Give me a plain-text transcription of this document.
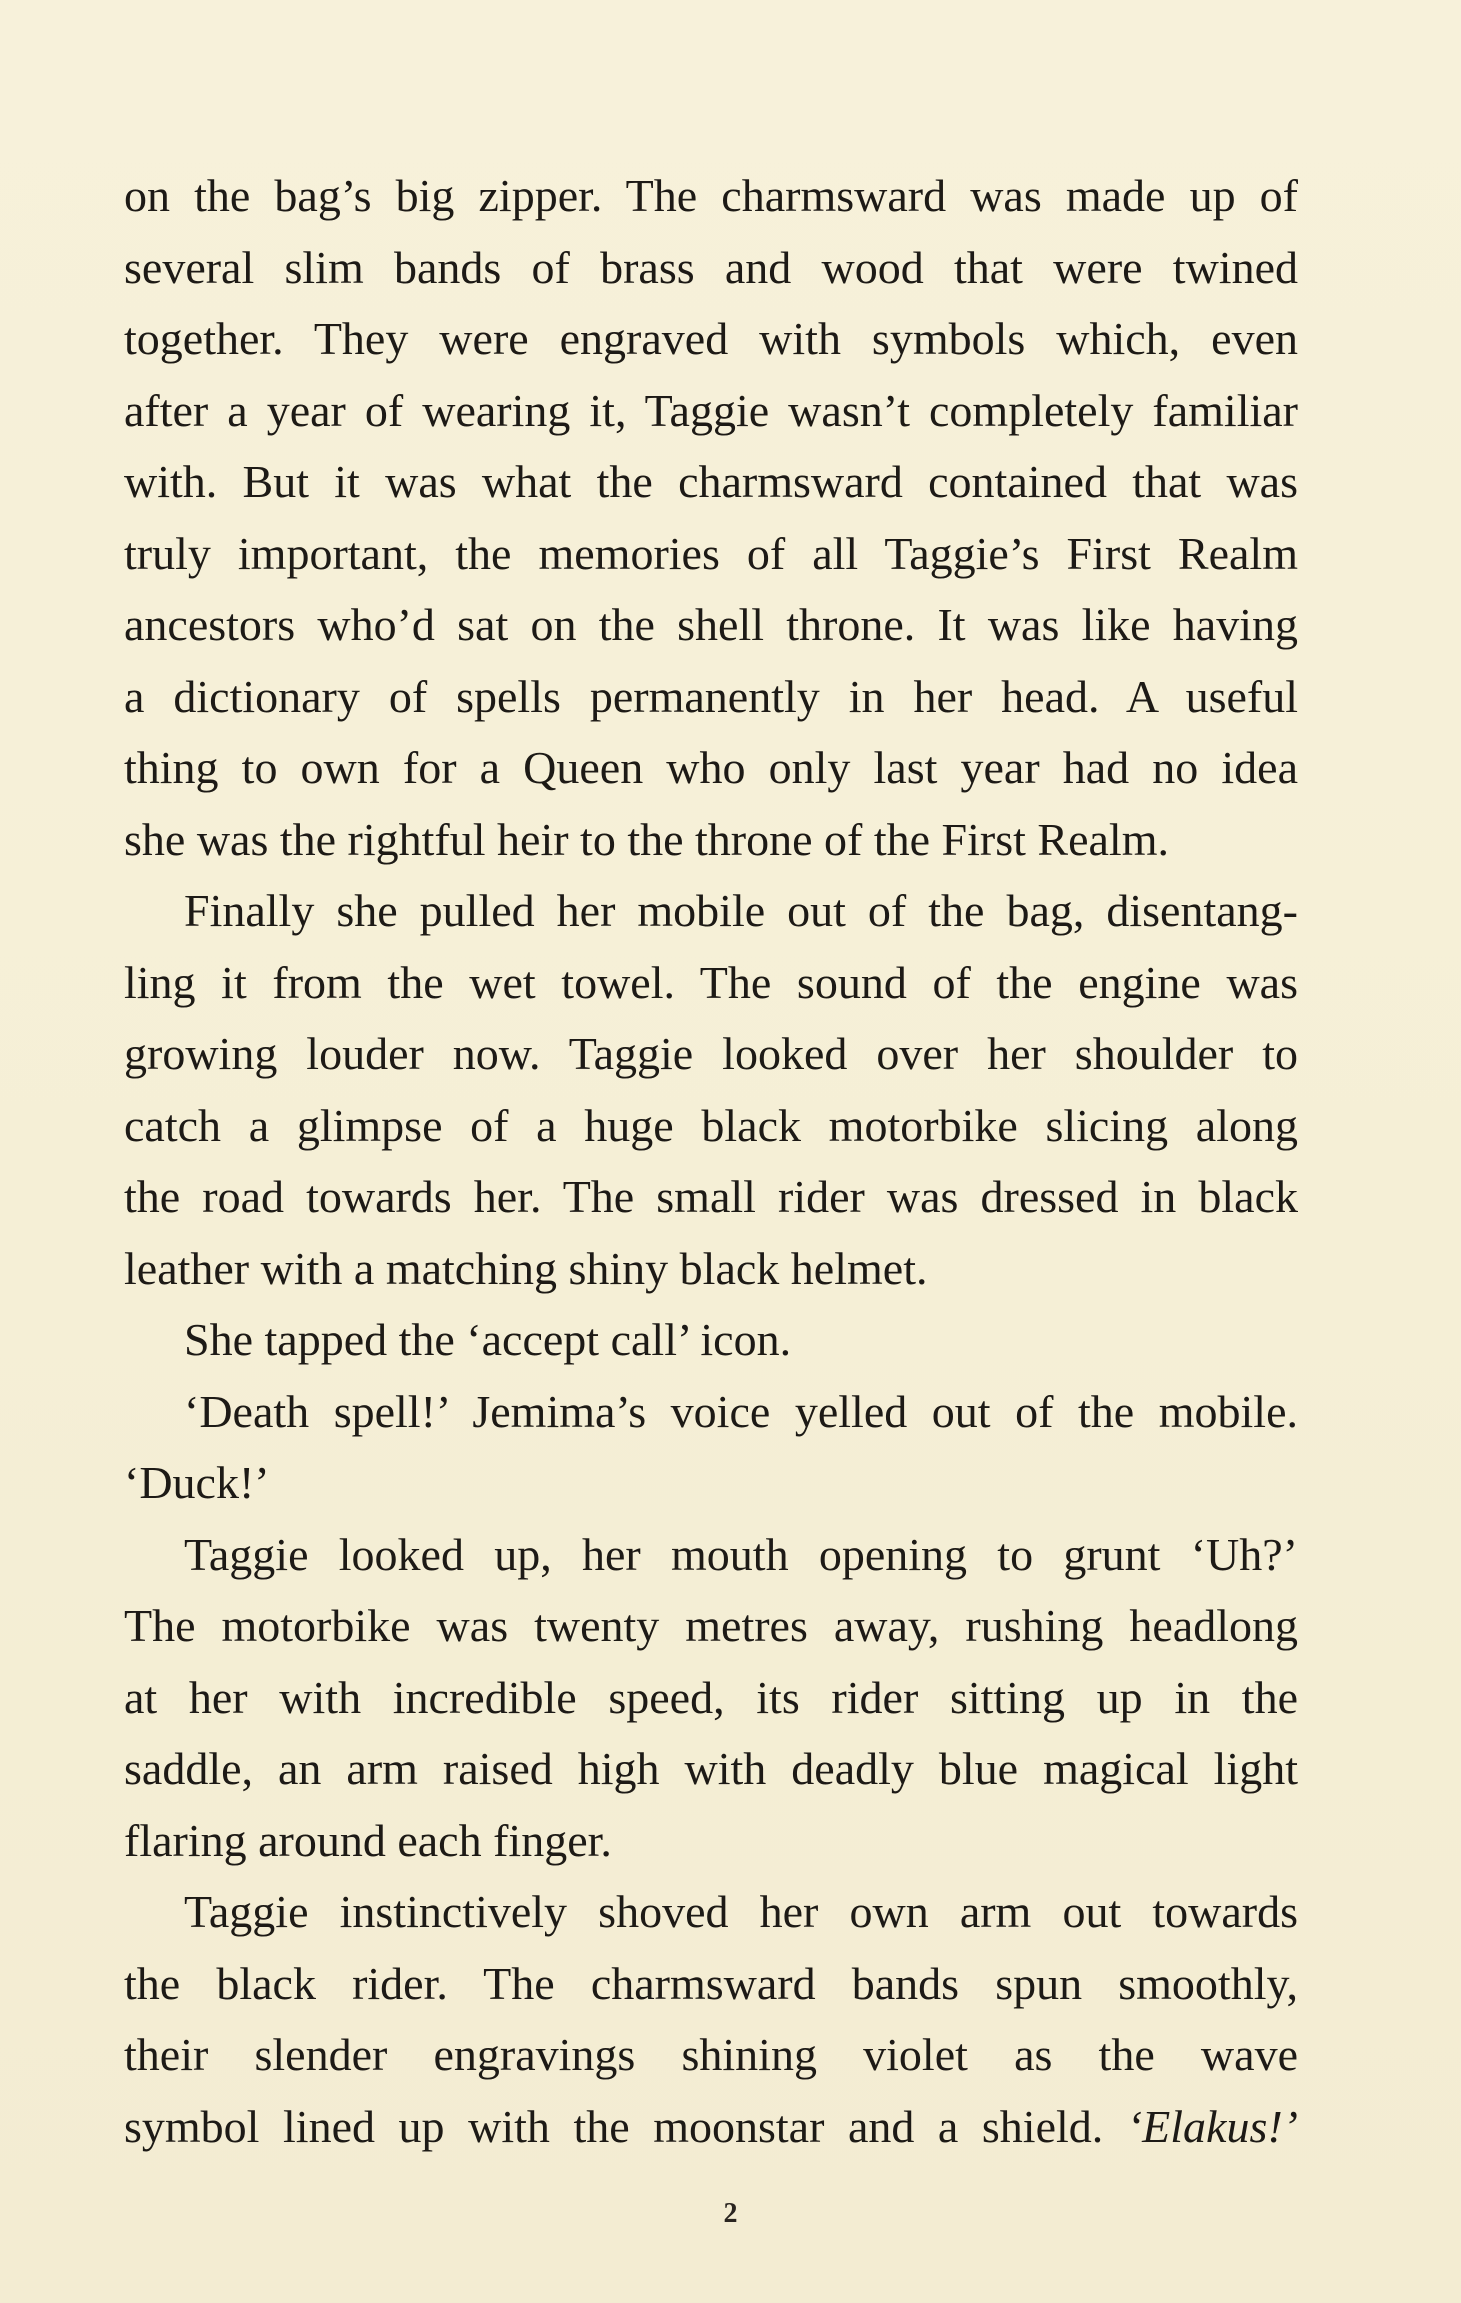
on the bag’s big zipper. The charmsward was made up of
several slim bands of brass and wood that were twined
together. They were engraved with symbols which, even
after a year of wearing it, Taggie wasn’t completely familiar
with. But it was what the charmsward contained that was
truly important, the memories of all Taggie’s First Realm
ancestors who’d sat on the shell throne. It was like having
a dictionary of spells permanently in her head. A useful
thing to own for a Queen who only last year had no idea
she was the rightful heir to the throne of the First Realm.
Finally she pulled her mobile out of the bag, disentang-
ling it from the wet towel. The sound of the engine was
growing louder now. Taggie looked over her shoulder to
catch a glimpse of a huge black motorbike slicing along
the road towards her. The small rider was dressed in black
leather with a matching shiny black helmet.
She tapped the ‘accept call’ icon.
‘Death spell!’ Jemima’s voice yelled out of the mobile.
‘Duck!’
Taggie looked up, her mouth opening to grunt ‘Uh?’
The motorbike was twenty metres away, rushing headlong
at her with incredible speed, its rider sitting up in the
saddle, an arm raised high with deadly blue magical light
flaring around each finger.
Taggie instinctively shoved her own arm out towards
the black rider. The charmsward bands spun smoothly,
their slender engravings shining violet as the wave
symbol lined up with the moonstar and a shield. ‘Elakus!’
2
